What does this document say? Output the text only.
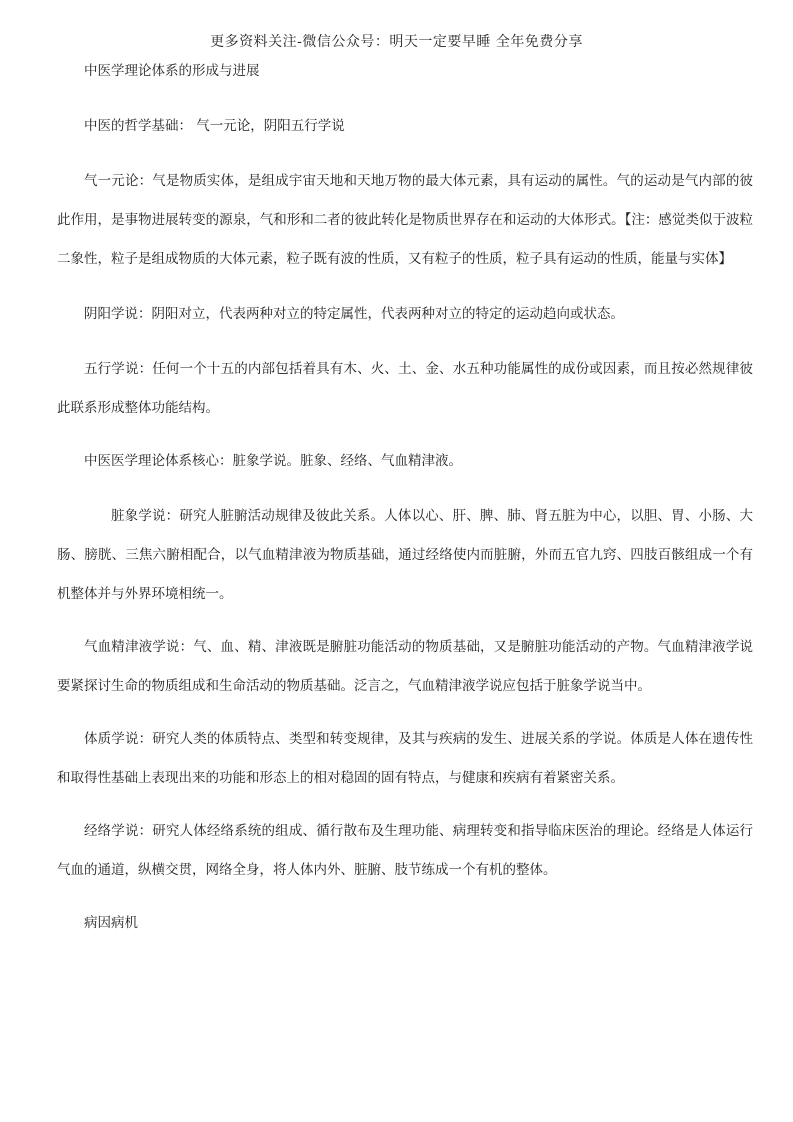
更多资料关注-微信公众号：明天一定要早睡 全年免费分享

中医学理论体系的形成与进展

中医的哲学基础： 气一元论，阴阳五行学说

气一元论：气是物质实体，是组成宇宙天地和天地万物的最大体元素，具有运动的属性。气的运动是气内部的彼此作用，是事物进展转变的源泉，气和形和二者的彼此转化是物质世界存在和运动的大体形式。【注：感觉类似于波粒二象性，粒子是组成物质的大体元素，粒子既有波的性质，又有粒子的性质，粒子具有运动的性质，能量与实体】

阴阳学说：阴阳对立，代表两种对立的特定属性，代表两种对立的特定的运动趋向或状态。

五行学说：任何一个十五的内部包括着具有木、火、土、金、水五种功能属性的成份或因素，而且按必然规律彼此联系形成整体功能结构。

中医医学理论体系核心：脏象学说。脏象、经络、气血精津液。

脏象学说：研究人脏腑活动规律及彼此关系。人体以心、肝、脾、肺、肾五脏为中心，以胆、胃、小肠、大肠、膀胱、三焦六腑相配合，以气血精津液为物质基础，通过经络使内而脏腑，外而五官九窍、四肢百骸组成一个有机整体并与外界环境相统一。

气血精津液学说：气、血、精、津液既是腑脏功能活动的物质基础，又是腑脏功能活动的产物。气血精津液学说要紧探讨生命的物质组成和生命活动的物质基础。泛言之，气血精津液学说应包括于脏象学说当中。

体质学说：研究人类的体质特点、类型和转变规律，及其与疾病的发生、进展关系的学说。体质是人体在遗传性和取得性基础上表现出来的功能和形态上的相对稳固的固有特点，与健康和疾病有着紧密关系。

经络学说：研究人体经络系统的组成、循行散布及生理功能、病理转变和指导临床医治的理论。经络是人体运行气血的通道，纵横交贯，网络全身，将人体内外、脏腑、肢节练成一个有机的整体。

病因病机
